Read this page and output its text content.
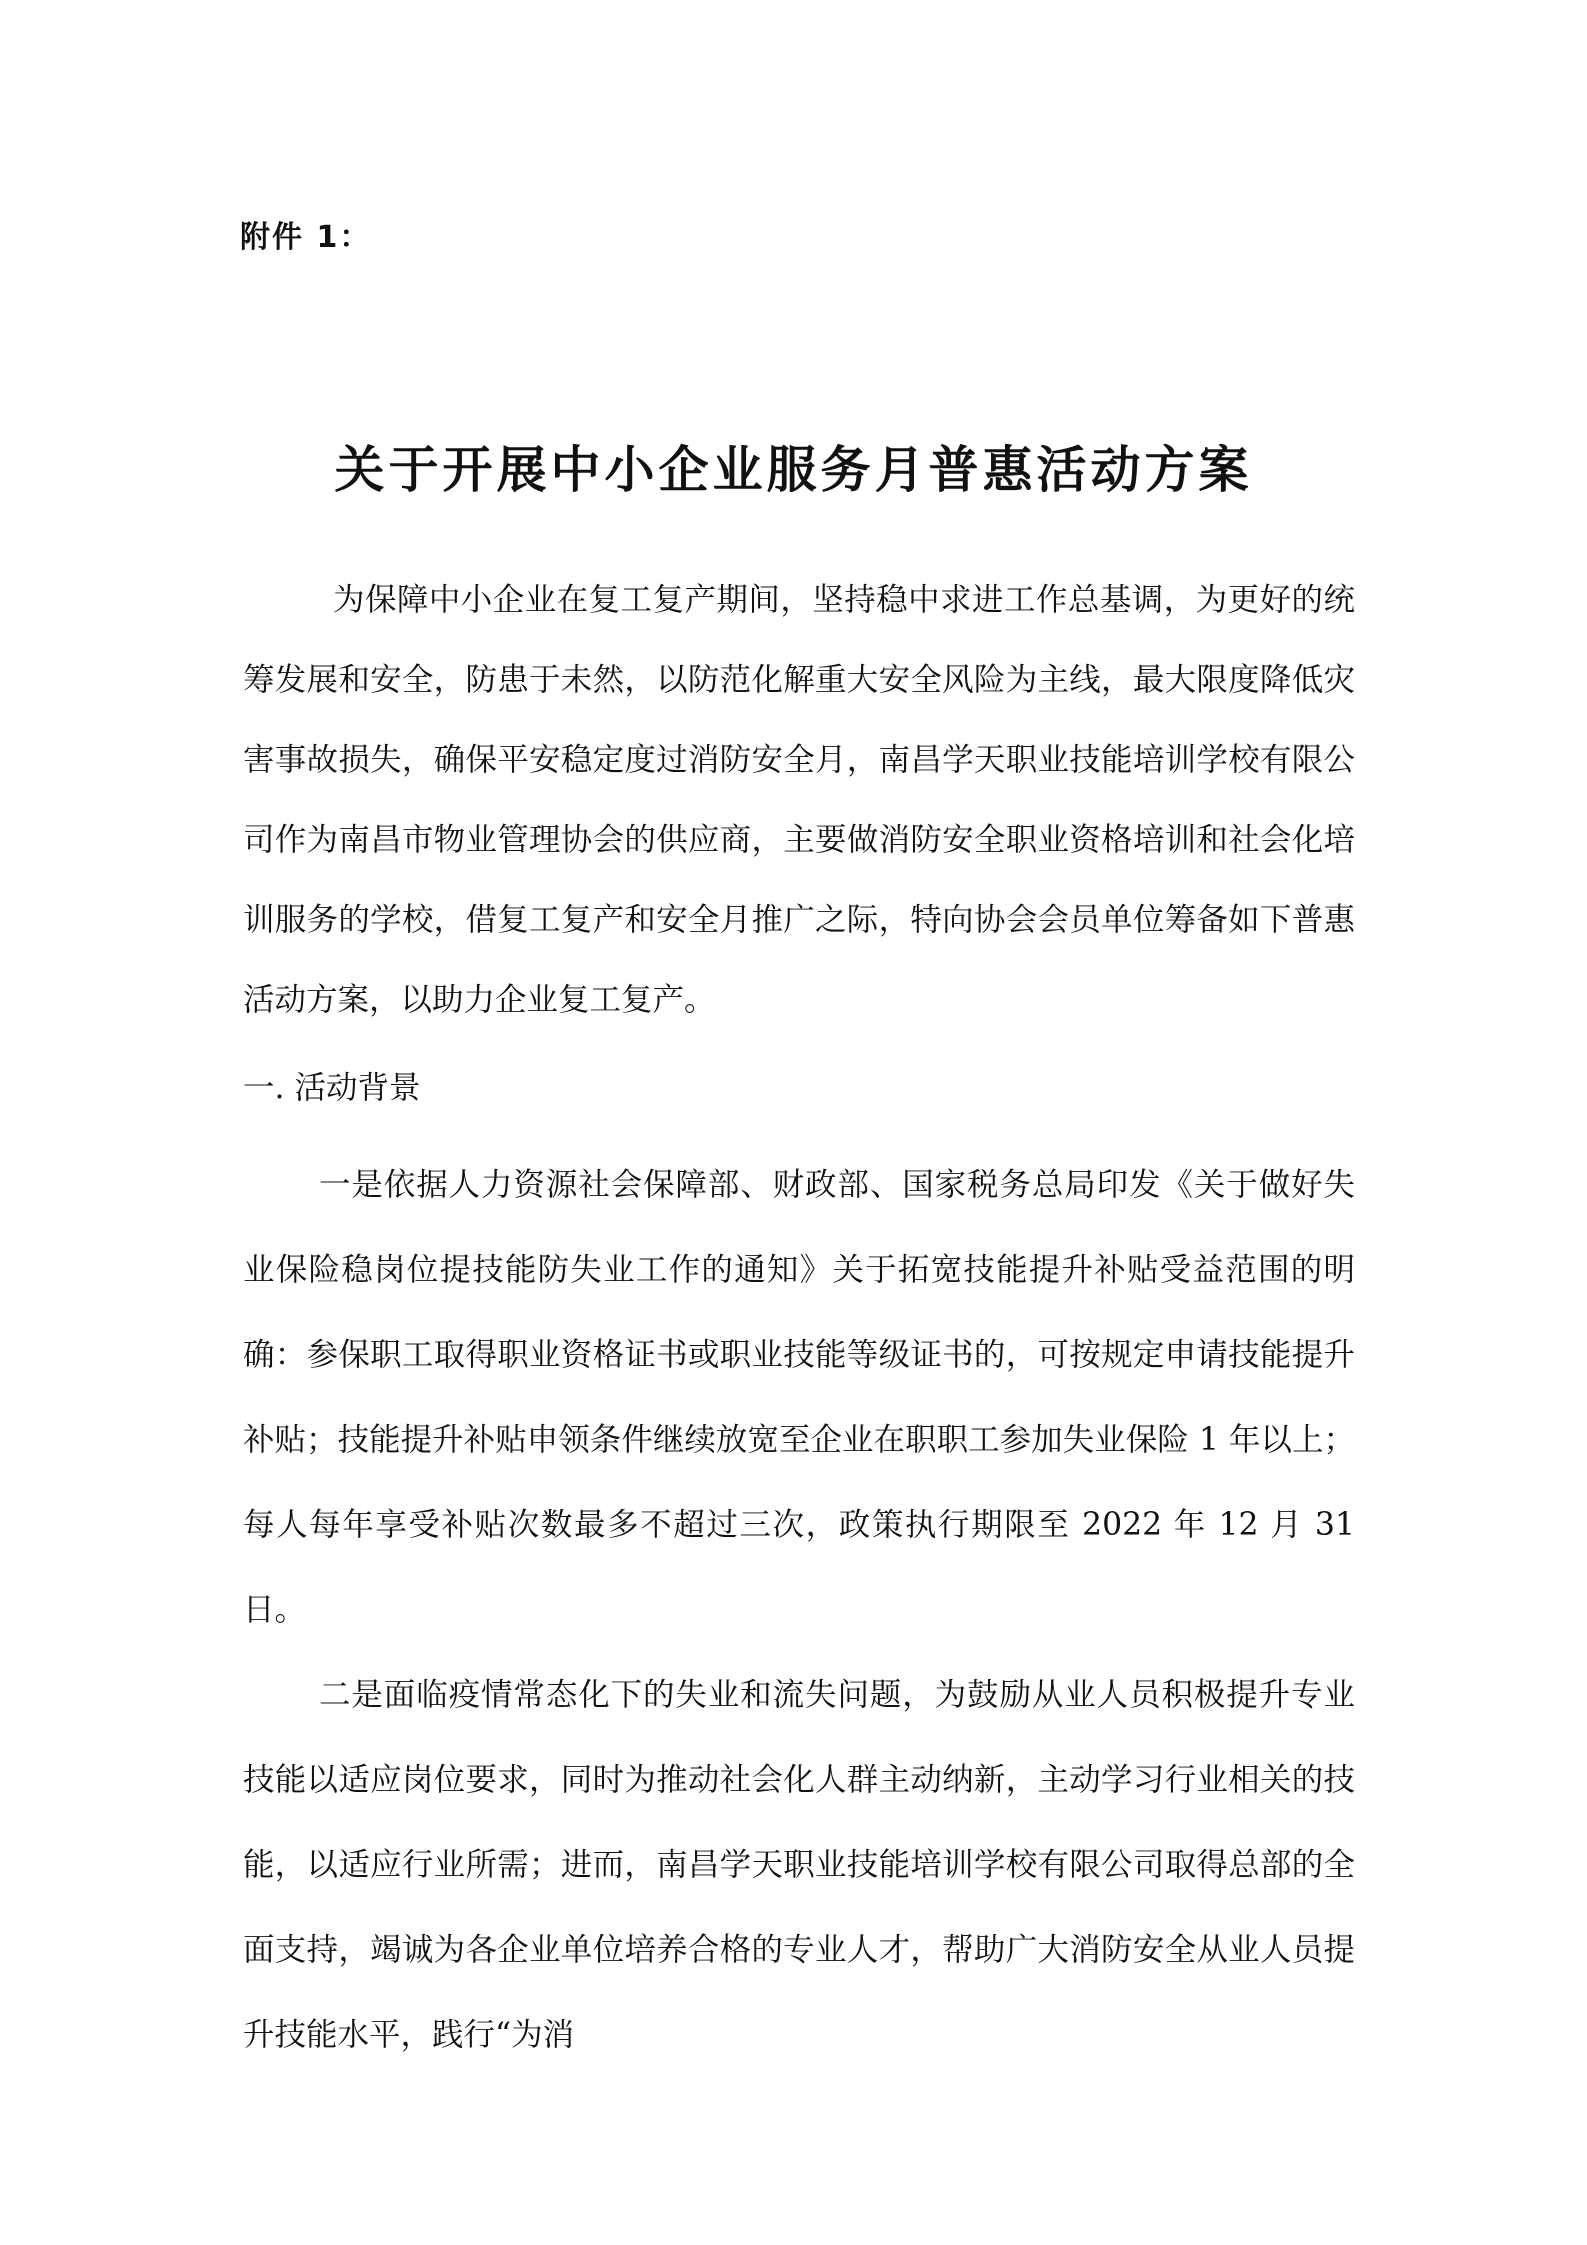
附件 1：
关于开展中小企业服务月普惠活动方案

为保障中小企业在复工复产期间，坚持稳中求进工作总基调，为更好的统筹发展和安全，防患于未然，以防范化解重大安全风险为主线，最大限度降低灾害事故损失，确保平安稳定度过消防安全月，南昌学天职业技能培训学校有限公司作为南昌市物业管理协会的供应商，主要做消防安全职业资格培训和社会化培训服务的学校，借复工复产和安全月推广之际，特向协会会员单位筹备如下普惠活动方案，以助力企业复工复产。

一. 活动背景

一是依据人力资源社会保障部、财政部、国家税务总局印发《关于做好失业保险稳岗位提技能防失业工作的通知》关于拓宽技能提升补贴受益范围的明确：参保职工取得职业资格证书或职业技能等级证书的，可按规定申请技能提升补贴；技能提升补贴申领条件继续放宽至企业在职职工参加失业保险 1 年以上；每人每年享受补贴次数最多不超过三次，政策执行期限至 2022 年 12 月 31 日。

二是面临疫情常态化下的失业和流失问题，为鼓励从业人员积极提升专业技能以适应岗位要求，同时为推动社会化人群主动纳新，主动学习行业相关的技能，以适应行业所需；进而，南昌学天职业技能培训学校有限公司取得总部的全面支持，竭诚为各企业单位培养合格的专业人才，帮助广大消防安全从业人员提升技能水平，践行“为消
